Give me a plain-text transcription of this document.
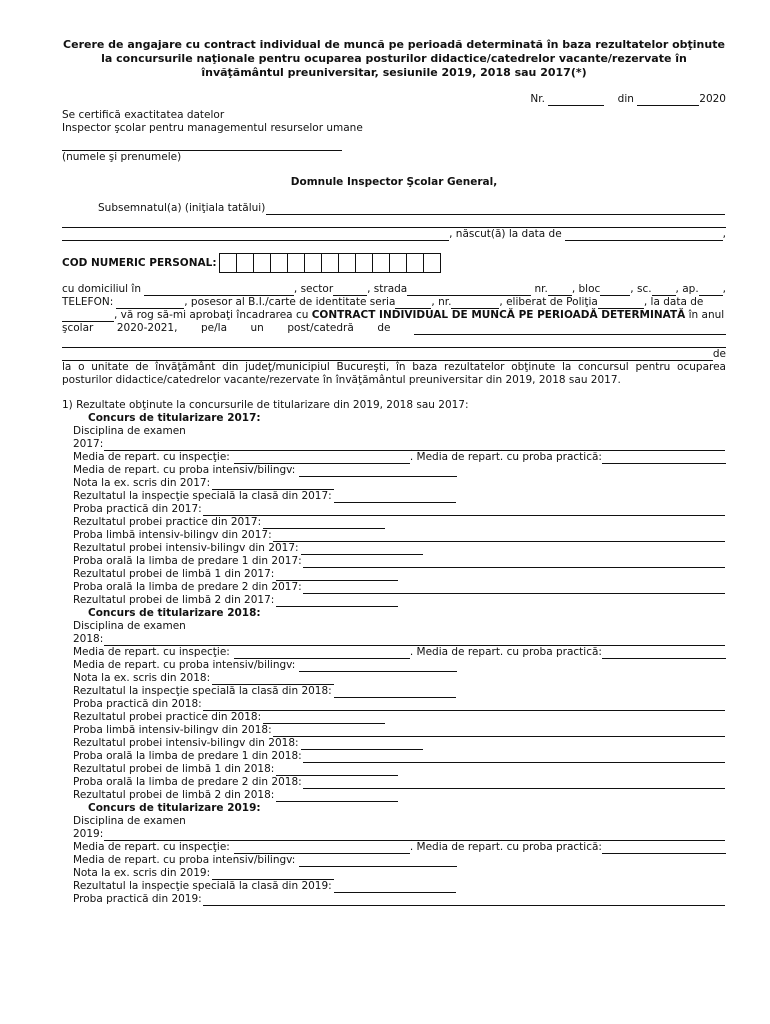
Cerere de angajare cu contract individual de muncă pe perioadă determinată în baza rezultatelor obţinute la concursurile naţionale pentru ocuparea posturilor didactice/catedrelor vacante/rezervate în învăţământul preuniversitar, sesiunile 2019, 2018 sau 2017(*)
Nr.	din	2020
Se certifică exactitatea datelor
Inspector şcolar pentru managementul resurselor umane
(numele şi prenumele)
Domnule Inspector Şcolar General,
Subsemnatul(a) (iniţiala tatălui)
, născut(ă) la data de	,
COD NUMERIC PERSONAL:
cu domiciliul în	, sector	, strada
	nr. , bloc	, sc. , ap. ,
TELEFON:	, posesor al B.I./carte de identitate seria	, nr.	, eliberat de Poliţia	, la data de
, vă rog să-mi aprobaţi încadrarea cu
CONTRACT INDIVIDUAL DE MUNCĂ PE PERIOADĂ DETERMINATĂ
în anul
şcolar 2020-2021, pe/la un post/catedră de
de

la o unitate de învăţământ din judeţ/municipiul Bucureşti, în baza rezultatelor obţinute la concursul pentru ocuparea posturilor didactice/catedrelor vacante/rezervate în învăţământul preuniversitar din 2019, 2018 sau 2017.

1) Rezultate obţinute la concursurile de titularizare din 2019, 2018 sau 2017:
Concurs de titularizare 2017:
Disciplina de examen
2017:
Media de repart. cu inspecţie:	. Media de repart. cu proba practică:
Media de repart. cu proba intensiv/bilingv:
Nota la ex. scris din 2017:
Rezultatul la inspecţie specială la clasă din 2017:
Proba practică din 2017:
Rezultatul probei practice din 2017:
Proba limbă intensiv-bilingv din 2017:
Rezultatul probei intensiv-bilingv din 2017:
Proba orală la limba de predare 1 din 2017:
Rezultatul probei de limbă 1 din 2017:
Proba orală la limba de predare 2 din 2017:
Rezultatul probei de limbă 2 din 2017:
Concurs de titularizare 2018:
Disciplina de examen
2018:
Media de repart. cu inspecţie:	. Media de repart. cu proba practică:
Media de repart. cu proba intensiv/bilingv:
Nota la ex. scris din 2018:
Rezultatul la inspecţie specială la clasă din 2018:
Proba practică din 2018:
Rezultatul probei practice din 2018:
Proba limbă intensiv-bilingv din 2018:
Rezultatul probei intensiv-bilingv din 2018:
Proba orală la limba de predare 1 din 2018:
Rezultatul probei de limbă 1 din 2018:
Proba orală la limba de predare 2 din 2018:
Rezultatul probei de limbă 2 din 2018:
Concurs de titularizare 2019:
Disciplina de examen
2019:
Media de repart. cu inspecţie:	. Media de repart. cu proba practică:
Media de repart. cu proba intensiv/bilingv:
Nota la ex. scris din 2019:
Rezultatul la inspecţie specială la clasă din 2019:
Proba practică din 2019:
